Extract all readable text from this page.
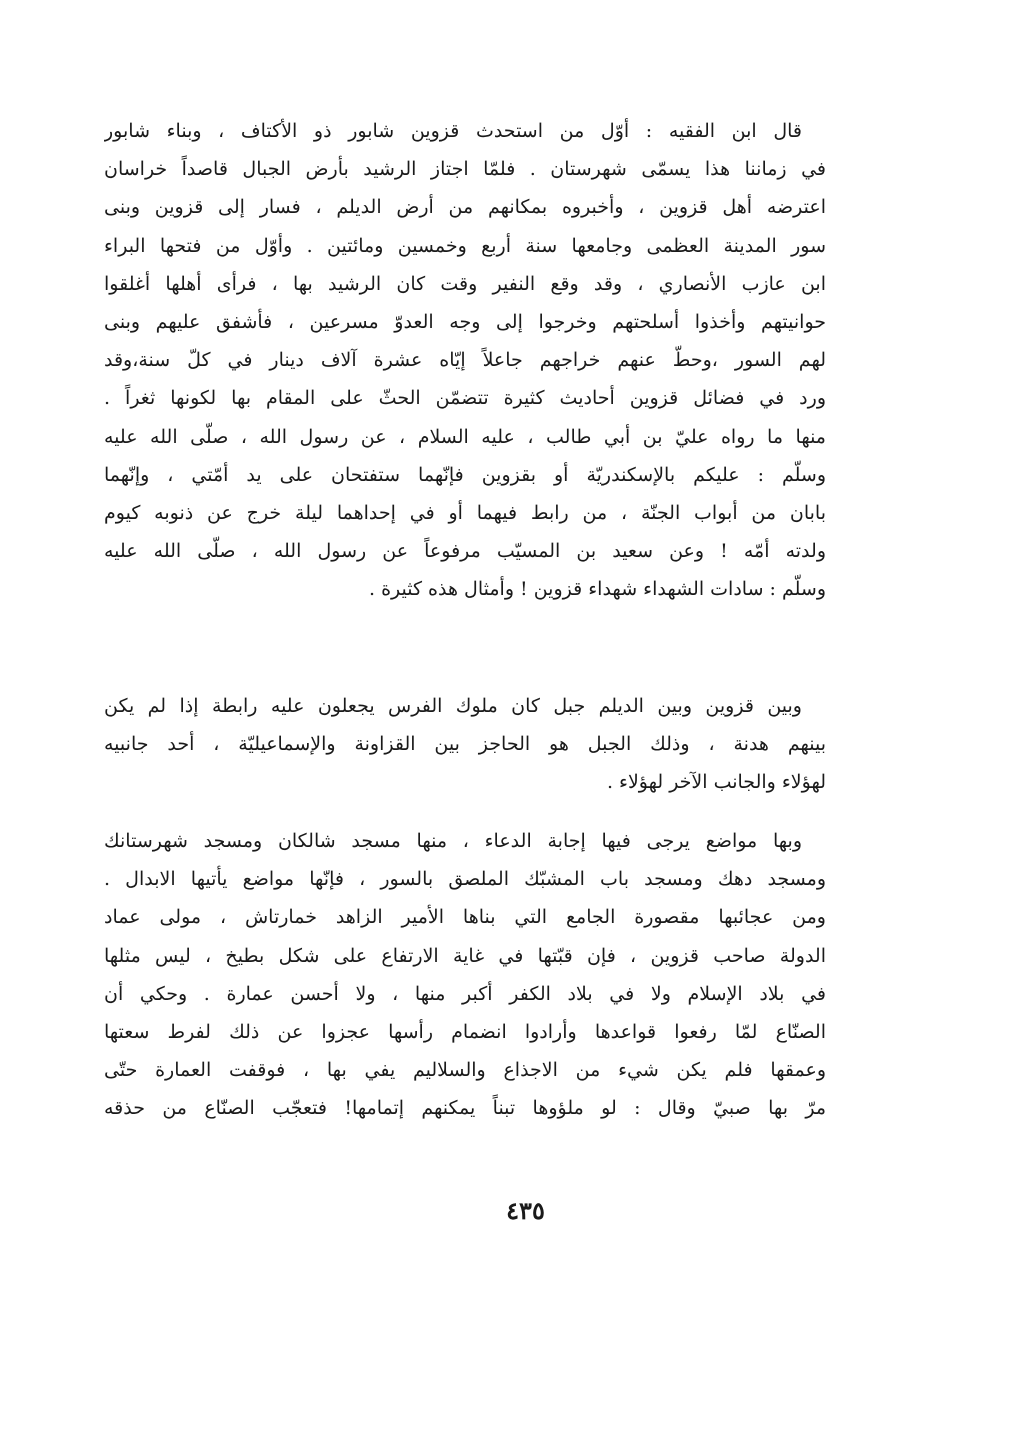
قال ابن الفقيه : أوّل من استحدث قزوين شابور ذو الأكتاف ، وبناء شابور
في زماننا هذا يسمّى شهرستان . فلمّا اجتاز الرشيد بأرض الجبال قاصداً خراسان
اعترضه أهل قزوين ، وأخبروه بمكانهم من أرض الديلم ، فسار إلى قزوين وبنى
سور المدينة العظمى وجامعها سنة أربع وخمسين ومائتين . وأوّل من فتحها البراء
ابن عازب الأنصاري ، وقد وقع النفير وقت كان الرشيد بها ، فرأى أهلها أغلقوا
حوانيتهم وأخذوا أسلحتهم وخرجوا إلى وجه العدوّ مسرعين ، فأشفق عليهم وبنى
لهم السور ،وحطّ عنهم خراجهم جاعلاً إيّاه عشرة آلاف دينار في كلّ سنة،وقد
ورد في فضائل قزوين أحاديث كثيرة تتضمّن الحثّ على المقام بها لكونها ثغراً .
منها ما رواه عليّ بن أبي طالب ، عليه السلام ، عن رسول الله ، صلّى الله عليه
وسلّم : عليكم بالإسكندريّة أو بقزوين فإنّهما ستفتحان على يد أمّتي ، وإنّهما
بابان من أبواب الجنّة ، من رابط فيهما أو في إحداهما ليلة خرج عن ذنوبه كيوم
ولدته أمّه ! وعن سعيد بن المسيّب مرفوعاً عن رسول الله ، صلّى الله عليه
وسلّم : سادات الشهداء شهداء قزوين ! وأمثال هذه كثيرة .
وبين قزوين وبين الديلم جبل كان ملوك الفرس يجعلون عليه رابطة إذا لم يكن
بينهم هدنة ، وذلك الجبل هو الحاجز بين القزاونة والإسماعيليّة ، أحد جانبيه
لهؤلاء والجانب الآخر لهؤلاء .
وبها مواضع يرجى فيها إجابة الدعاء ، منها مسجد شالكان ومسجد شهرستانك
ومسجد دهك ومسجد باب المشبّك الملصق بالسور ، فإنّها مواضع يأتيها الابدال .
ومن عجائبها مقصورة الجامع التي بناها الأمير الزاهد خمارتاش ، مولى عماد
الدولة صاحب قزوين ، فإن قبّتها في غاية الارتفاع على شكل بطيخ ، ليس مثلها
في بلاد الإسلام ولا في بلاد الكفر أكبر منها ، ولا أحسن عمارة . وحكي أن
الصنّاع لمّا رفعوا قواعدها وأرادوا انضمام رأسها عجزوا عن ذلك لفرط سعتها
وعمقها فلم يكن شيء من الاجذاع والسلاليم يفي بها ، فوقفت العمارة حتّى
مرّ بها صبيّ وقال : لو ملؤوها تبناً يمكنهم إتمامها! فتعجّب الصنّاع من حذقه
٤٣٥
